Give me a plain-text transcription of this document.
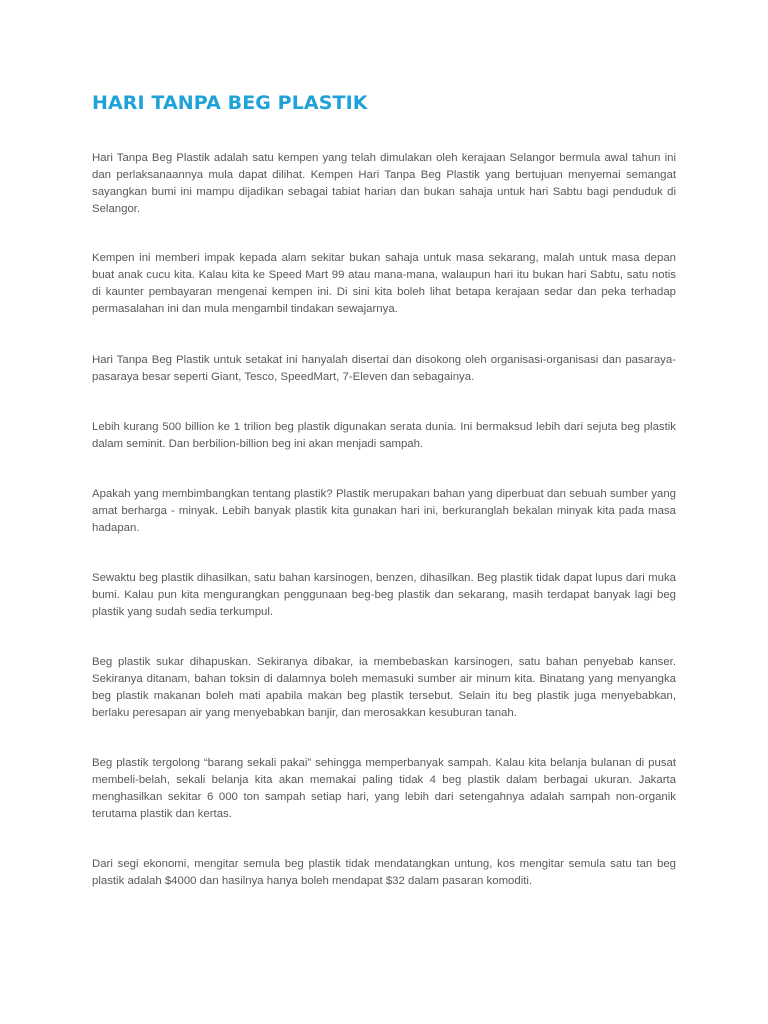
HARI TANPA BEG PLASTIK

Hari Tanpa Beg Plastik adalah satu kempen yang telah dimulakan oleh kerajaan Selangor bermula awal tahun ini dan perlaksanaannya mula dapat dilihat. Kempen Hari Tanpa Beg Plastik yang bertujuan menyemai semangat sayangkan bumi ini mampu dijadikan sebagai tabiat harian dan bukan sahaja untuk hari Sabtu bagi penduduk di Selangor.

Kempen ini memberi impak kepada alam sekitar bukan sahaja untuk masa sekarang, malah untuk masa depan buat anak cucu kita. Kalau kita ke Speed Mart 99 atau mana-mana, walaupun hari itu bukan hari Sabtu, satu notis di kaunter pembayaran mengenai kempen ini. Di sini kita boleh lihat betapa kerajaan sedar dan peka terhadap permasalahan ini dan mula mengambil tindakan sewajarnya.

Hari Tanpa Beg Plastik untuk setakat ini hanyalah disertai dan disokong oleh organisasi-organisasi dan pasaraya-pasaraya besar seperti Giant, Tesco, SpeedMart, 7-Eleven dan sebagainya.

Lebih kurang 500 billion ke 1 trilion beg plastik digunakan serata dunia. Ini bermaksud lebih dari sejuta beg plastik dalam seminit. Dan berbilion-billion beg ini akan menjadi sampah.

Apakah yang membimbangkan tentang plastik? Plastik merupakan bahan yang diperbuat dan sebuah sumber yang amat berharga - minyak. Lebih banyak plastik kita gunakan hari ini, berkuranglah bekalan minyak kita pada masa hadapan.

Sewaktu beg plastik dihasilkan, satu bahan karsinogen, benzen, dihasilkan. Beg plastik tidak dapat lupus dari muka bumi. Kalau pun kita mengurangkan penggunaan beg-beg plastik dan sekarang, masih terdapat banyak lagi beg plastik yang sudah sedia terkumpul.

Beg plastik sukar dihapuskan. Sekiranya dibakar, ia membebaskan karsinogen, satu bahan penyebab kanser. Sekiranya ditanam, bahan toksin di dalamnya boleh memasuki sumber air minum kita. Binatang yang menyangka beg plastik makanan boleh mati apabila makan beg plastik tersebut. Selain itu beg plastik juga menyebabkan, berlaku peresapan air yang menyebabkan banjir, dan merosakkan kesuburan tanah.

Beg plastik tergolong “barang sekali pakai” sehingga memperbanyak sampah. Kalau kita belanja bulanan di pusat membeli-belah, sekali belanja kita akan memakai paling tidak 4 beg plastik dalam berbagai ukuran. Jakarta menghasilkan sekitar 6 000 ton sampah setiap hari, yang lebih dari setengahnya adalah sampah non-organik terutama plastik dan kertas.

Dari segi ekonomi, mengitar semula beg plastik tidak mendatangkan untung, kos mengitar semula satu tan beg plastik adalah $4000 dan hasilnya hanya boleh mendapat $32 dalam pasaran komoditi.
